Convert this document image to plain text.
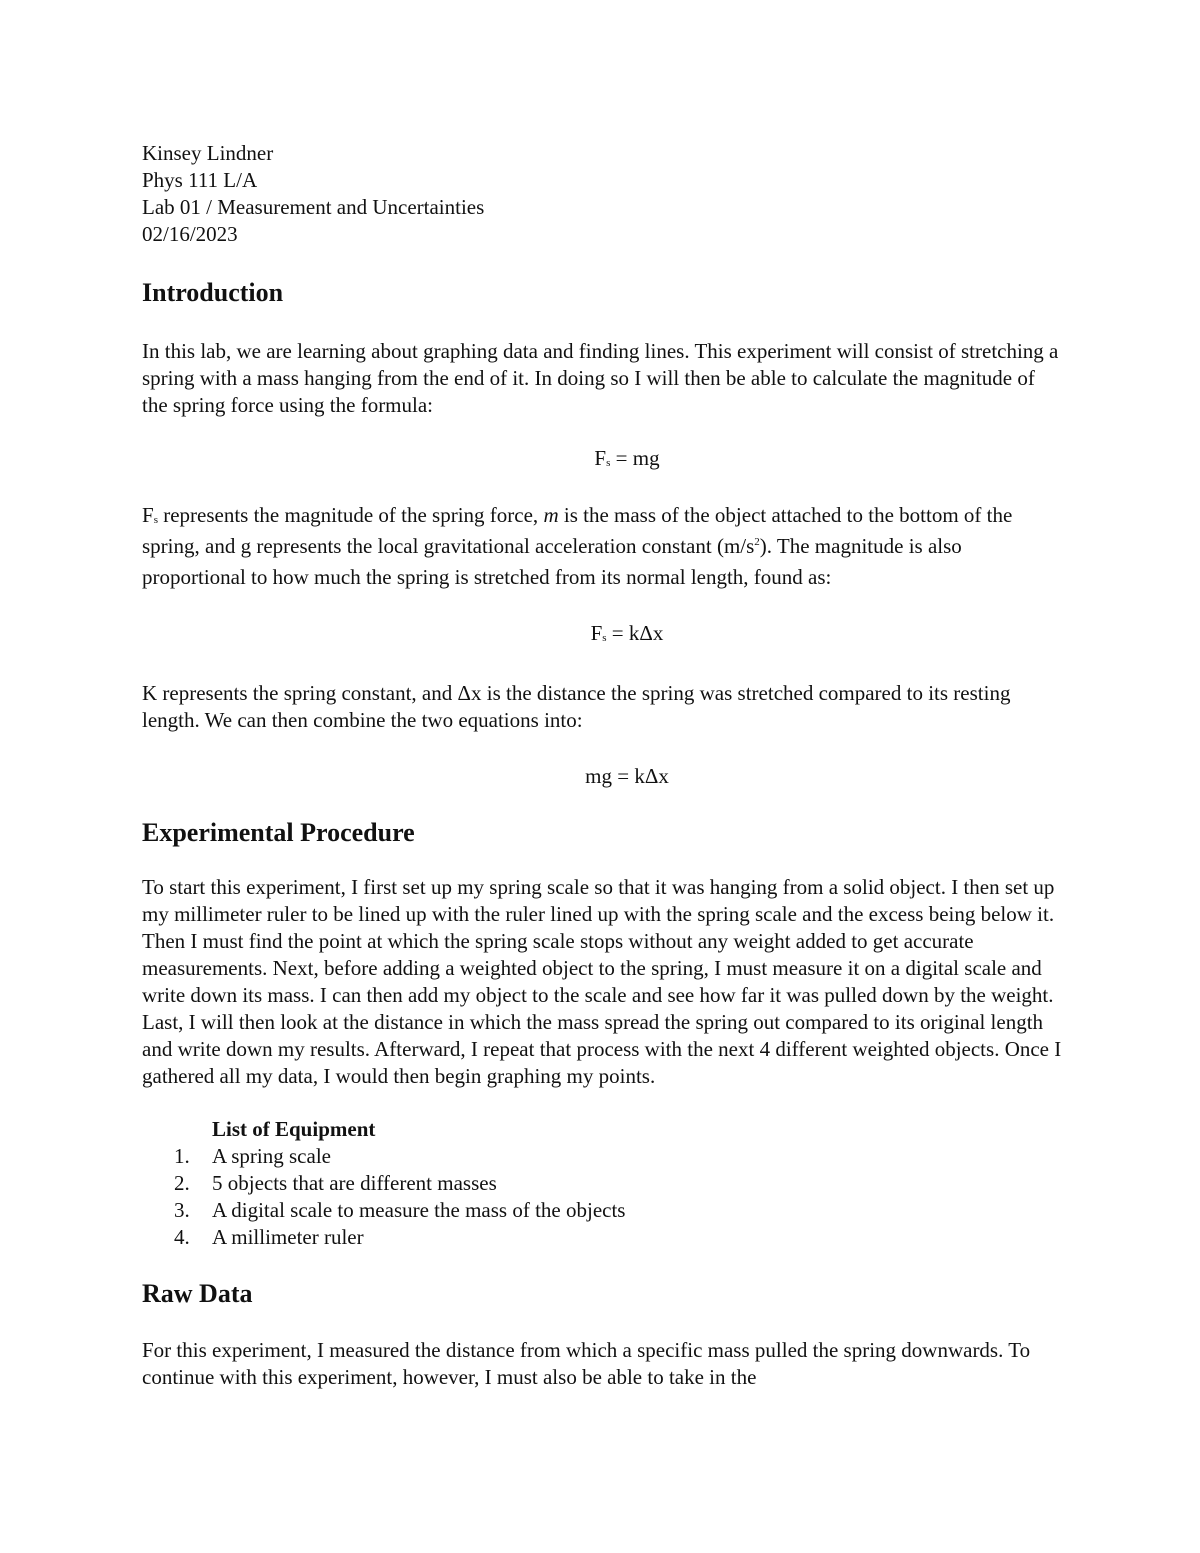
Kinsey Lindner
Phys 111 L/A
Lab 01 / Measurement and Uncertainties
02/16/2023
Introduction

In this lab, we are learning about graphing data and finding lines. This experiment will consist of stretching a spring with a mass hanging from the end of it. In doing so I will then be able to calculate the magnitude of the spring force using the formula:

Fs = mg

Fs represents the magnitude of the spring force, m is the mass of the object attached to the bottom of the spring, and g represents the local gravitational acceleration constant $(m/s^2)$. The magnitude is also proportional to how much the spring is stretched from its normal length, found as:

Fs = kΔx

K represents the spring constant, and Δx is the distance the spring was stretched compared to its resting length. We can then combine the two equations into:

mg = kΔx
Experimental Procedure

To start this experiment, I first set up my spring scale so that it was hanging from a solid object. I then set up my millimeter ruler to be lined up with the ruler lined up with the spring scale and the excess being below it. Then I must find the point at which the spring scale stops without any weight added to get accurate measurements. Next, before adding a weighted object to the spring, I must measure it on a digital scale and write down its mass. I can then add my object to the scale and see how far it was pulled down by the weight. Last, I will then look at the distance in which the mass spread the spring out compared to its original length and write down my results. Afterward, I repeat that process with the next 4 different weighted objects. Once I gathered all my data, I would then begin graphing my points.

List of Equipment
1.	A spring scale
2.	5 objects that are different masses
3.	A digital scale to measure the mass of the objects
4.	A millimeter ruler
Raw Data

For this experiment, I measured the distance from which a specific mass pulled the spring downwards. To continue with this experiment, however, I must also be able to take in the
